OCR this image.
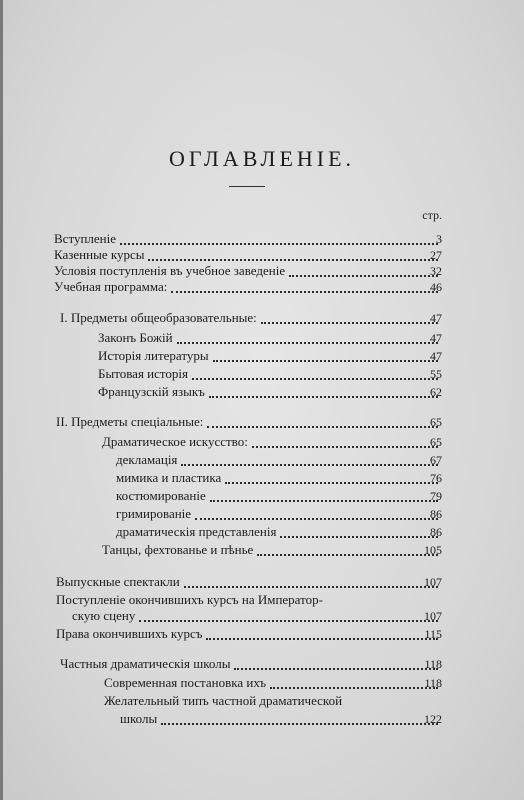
ОГЛАВЛЕНІЕ.
стр.
Вступленіе	3
Казенные курсы	27
Условія поступленія въ учебное заведеніе	32
Учебная программа:	46
I. Предметы общеобразовательные:	47
Законъ Божій	47
Исторія литературы	47
Бытовая исторія	55
Французскій языкъ	62
II. Предметы спеціальные:	65
Драматическое искусство:	65
декламація	67
мимика и пластика	76
костюмированіе	79
гримированіе	86
драматическія представленія	86
Танцы, фехтованье и пѣнье	105
Выпускные спектакли	107
Поступленіе окончившихъ курсъ на Император-
скую сцену	107
Права окончившихъ курсъ	115
Частныя драматическія школы	118
Современная постановка ихъ	118
Желательный типъ частной драматической
школы	122
